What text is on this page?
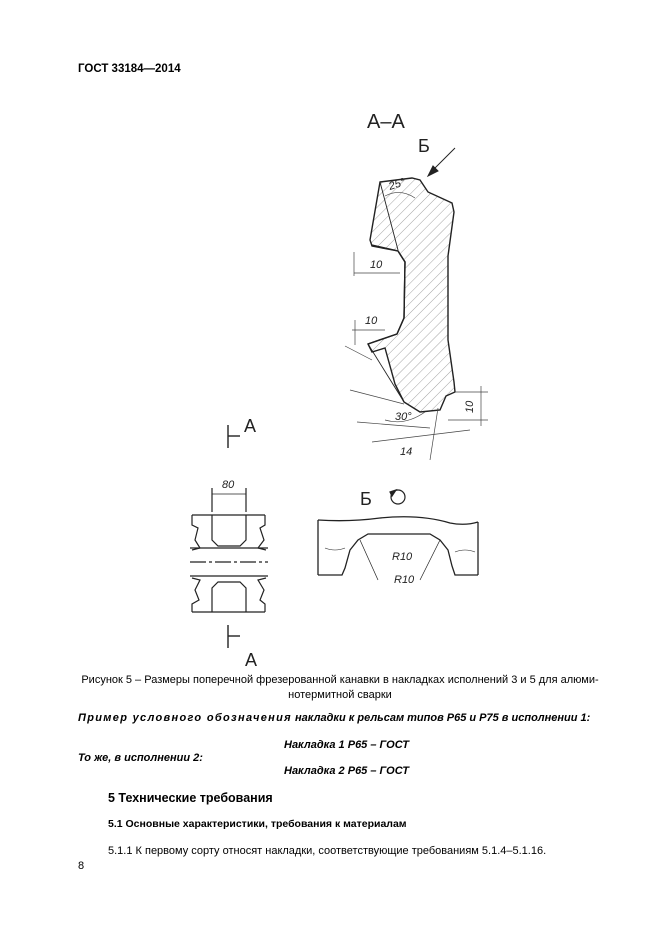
ГОСТ 33184—2014
А–А
Б
25°
10
10
10
30°
14
А
А
80
Б
R10
R10
Рисунок 5 – Размеры поперечной фрезерованной канавки в накладках исполнений 3 и 5 для алюми-
нотермитной сварки
Пример условного обозначения накладки к рельсам типов Р65 и Р75 в исполнении 1:
Накладка 1 Р65 – ГОСТ
То же, в исполнении 2:
Накладка 2 Р65 – ГОСТ
5 Технические требования
5.1 Основные характеристики, требования к материалам
5.1.1 К первому сорту относят накладки, соответствующие требованиям 5.1.4–5.1.16.
8
